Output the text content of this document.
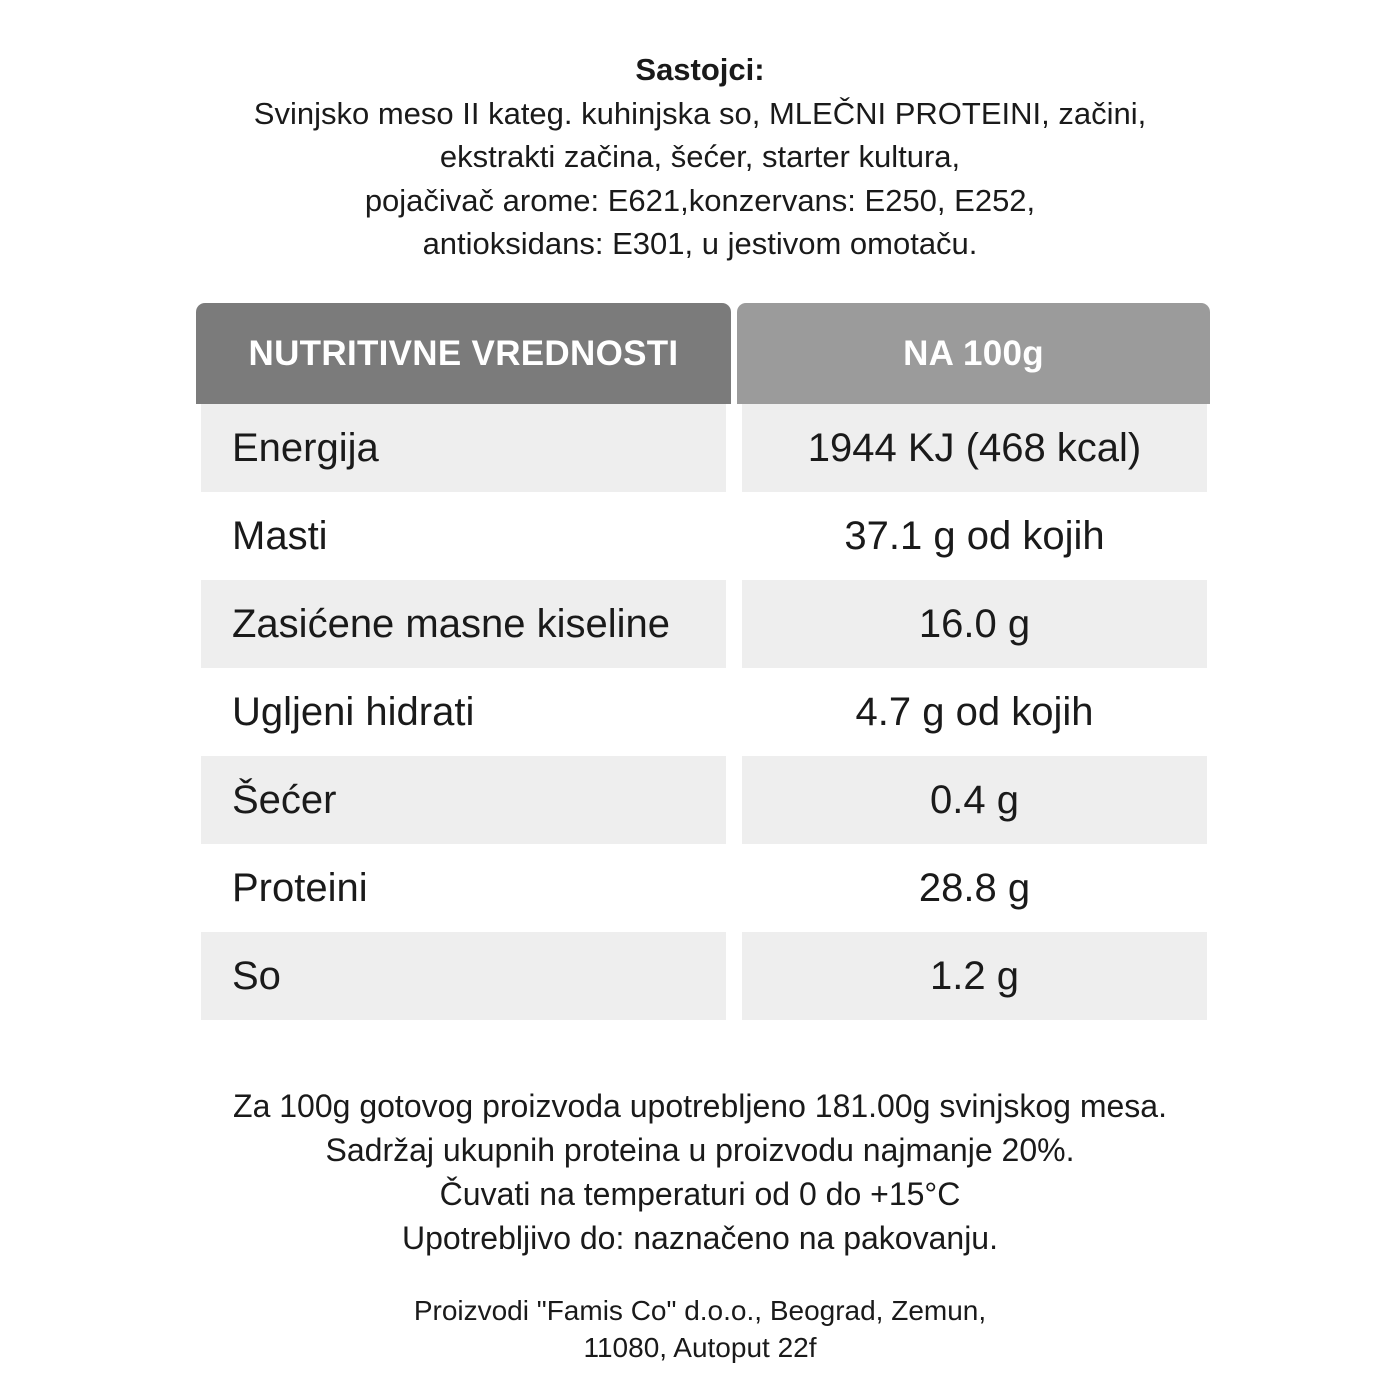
Sastojci:
Svinjsko meso II kateg. kuhinjska so, MLEČNI PROTEINI, začini,
ekstrakti začina, šećer, starter kultura,
pojačivač arome: E621,konzervans: E250, E252,
antioksidans: E301, u jestivom omotaču.
NUTRITIVNE VREDNOSTI	NA 100g
Energija	1944 KJ (468 kcal)
Masti	37.1 g od kojih
Zasićene masne kiseline	16.0 g
Ugljeni hidrati	4.7 g od kojih
Šećer	0.4 g
Proteini	28.8 g
So	1.2 g
Za 100g gotovog proizvoda upotrebljeno 181.00g svinjskog mesa.
Sadržaj ukupnih proteina u proizvodu najmanje 20%.
Čuvati na temperaturi od 0 do +15°C
Upotrebljivo do: naznačeno na pakovanju.
Proizvodi "Famis Co" d.o.o., Beograd, Zemun,
11080, Autoput 22f
